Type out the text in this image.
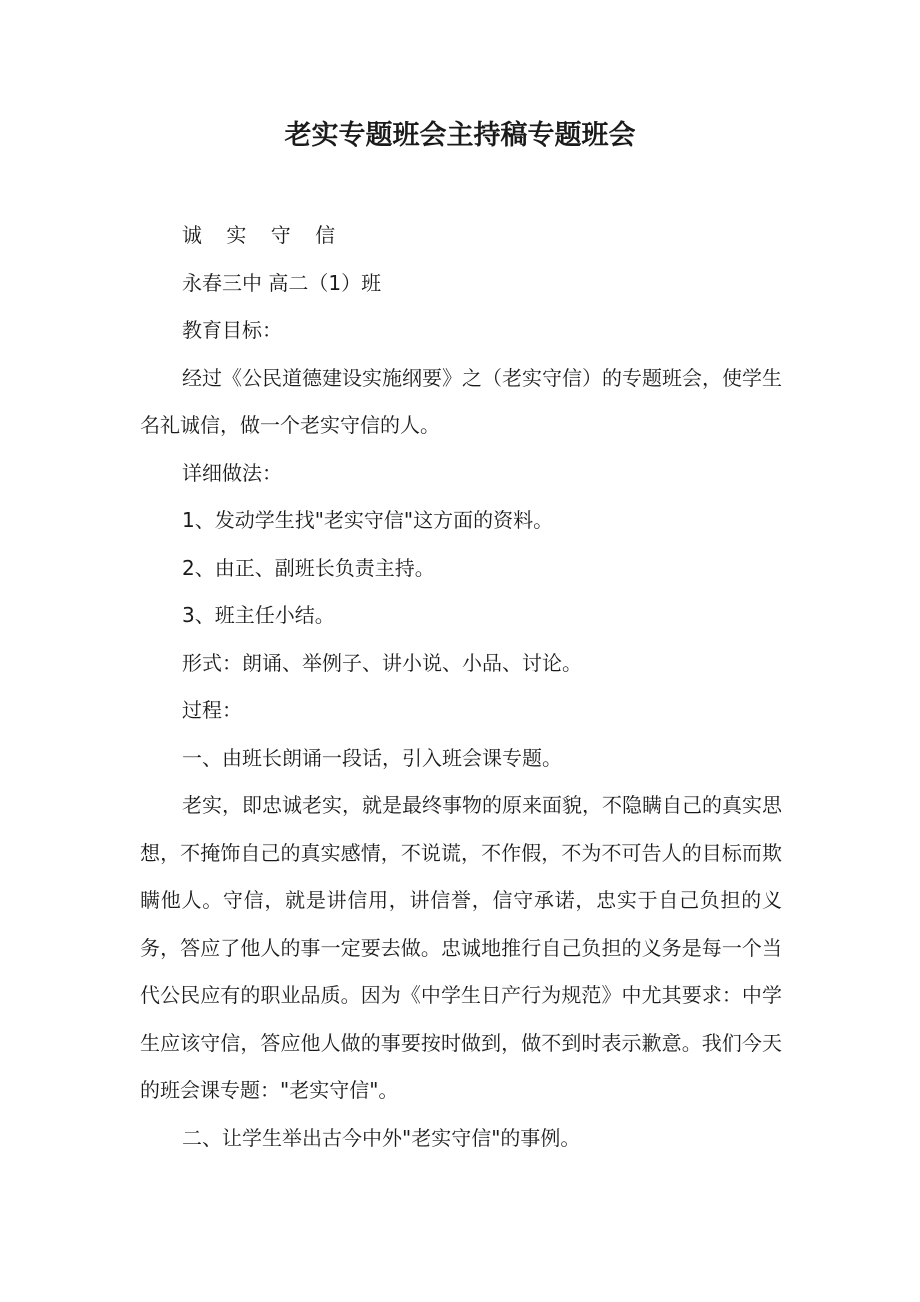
老实专题班会主持稿专题班会

诚 实 守 信

永春三中 高二（1）班

教育目标：

经过《公民道德建设实施纲要》之（老实守信）的专题班会，使学生名礼诚信，做一个老实守信的人。

详细做法：

1、发动学生找"老实守信"这方面的资料。

2、由正、副班长负责主持。

3、班主任小结。

形式：朗诵、举例子、讲小说、小品、讨论。

过程：

一、由班长朗诵一段话，引入班会课专题。

老实，即忠诚老实，就是最终事物的原来面貌，不隐瞒自己的真实思想，不掩饰自己的真实感情，不说谎，不作假，不为不可告人的目标而欺瞒他人。守信，就是讲信用，讲信誉，信守承诺，忠实于自己负担的义务，答应了他人的事一定要去做。忠诚地推行自己负担的义务是每一个当代公民应有的职业品质。因为《中学生日产行为规范》中尤其要求：中学生应该守信，答应他人做的事要按时做到，做不到时表示歉意。我们今天的班会课专题："老实守信"。

二、让学生举出古今中外"老实守信"的事例。
